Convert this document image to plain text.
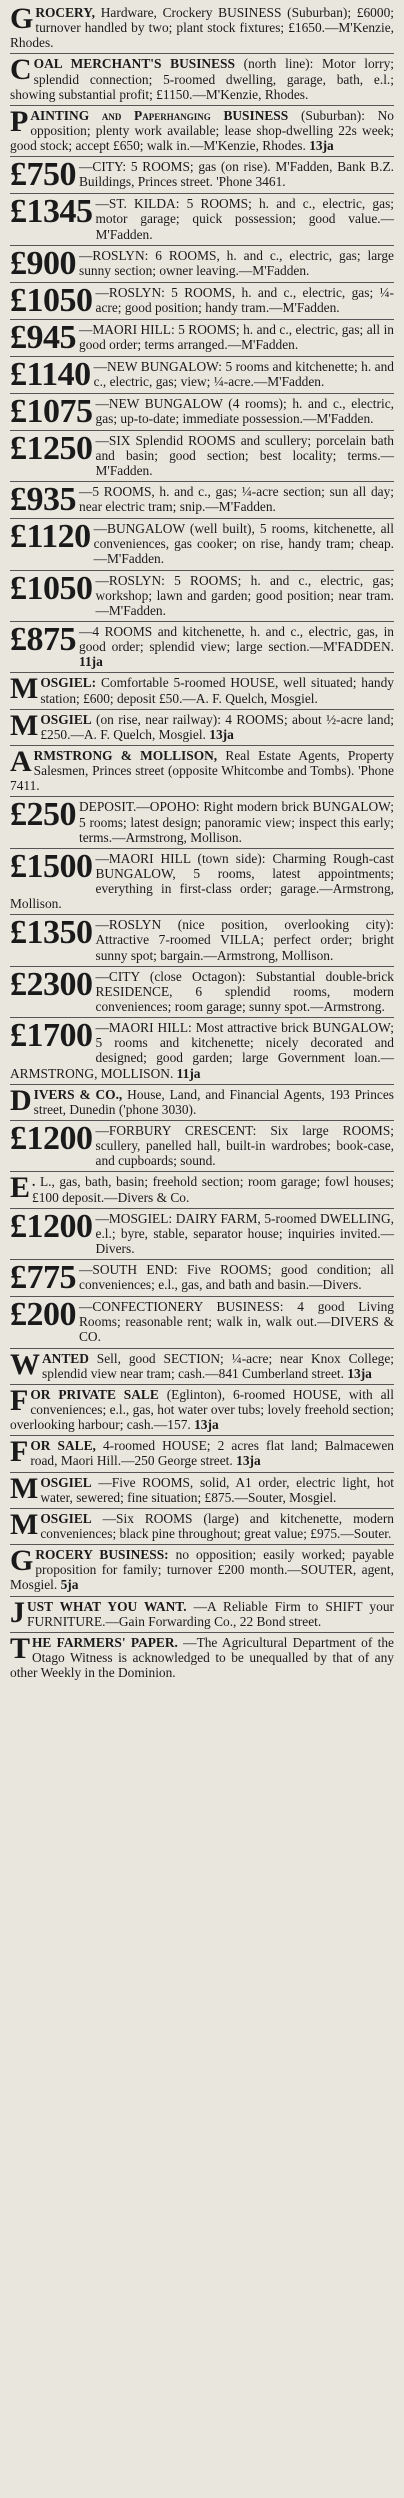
GROCERY, Hardware, Crockery BUSINESS (Suburban); £6000; turnover handled by two; plant stock fixtures; £1650.—M'Kenzie, Rhodes.
COAL MERCHANT'S BUSINESS (north line): Motor lorry; splendid connection; 5-roomed dwelling, garage, bath, e.l.; showing substantial profit; £1150.—M'Kenzie, Rhodes.
PAINTING and Paperhanging BUSINESS (Suburban): No opposition; plenty work available; lease shop-dwelling 22s week; good stock; accept £650; walk in.—M'Kenzie, Rhodes. 13ja
£750 —CITY: 5 ROOMS; gas (on rise). M'Fadden, Bank B.Z. Buildings, Princes street. 'Phone 3461.
£1345 —ST. KILDA: 5 ROOMS; h. and c., electric, gas; motor garage; quick possession; good value.—M'Fadden.
£900 —ROSLYN: 6 ROOMS, h. and c., electric, gas; large sunny section; owner leaving.—M'Fadden.
£1050 —ROSLYN: 5 ROOMS, h. and c., electric, gas; ¼-acre; good position; handy tram.—M'Fadden.
£945 —MAORI HILL: 5 ROOMS; h. and c., electric, gas; all in good order; terms arranged.—M'Fadden.
£1140 —NEW BUNGALOW: 5 rooms and kitchenette; h. and c., electric, gas; view; ¼-acre.—M'Fadden.
£1075 —NEW BUNGALOW (4 rooms); h. and c., electric, gas; up-to-date; immediate possession.—M'Fadden.
£1250 —SIX Splendid ROOMS and scullery; porcelain bath and basin; good section; best locality; terms.—M'Fadden.
£935 —5 ROOMS, h. and c., gas; ¼-acre section; sun all day; near electric tram; snip.—M'Fadden.
£1120 —BUNGALOW (well built), 5 rooms, kitchenette, all conveniences, gas cooker; on rise, handy tram; cheap.—M'Fadden.
£1050 —ROSLYN: 5 ROOMS; h. and c., electric, gas; workshop; lawn and garden; good position; near tram.—M'Fadden.
£875 —4 ROOMS and kitchenette, h. and c., electric, gas, in good order; splendid view; large section.—M'FADDEN. 11ja
MOSGIEL: Comfortable 5-roomed HOUSE, well situated; handy station; £600; deposit £50.—A. F. Quelch, Mosgiel.
MOSGIEL (on rise, near railway): 4 ROOMS; about ½-acre land; £250.—A. F. Quelch, Mosgiel. 13ja
ARMSTRONG & MOLLISON, Real Estate Agents, Property Salesmen, Princes street (opposite Whitcombe and Tombs). 'Phone 7411.
£250 DEPOSIT.—OPOHO: Right modern brick BUNGALOW; 5 rooms; latest design; panoramic view; inspect this early; terms.—Armstrong, Mollison.
£1500 —MAORI HILL (town side): Charming Rough-cast BUNGALOW, 5 rooms, latest appointments; everything in first-class order; garage.—Armstrong, Mollison.
£1350 —ROSLYN (nice position, overlooking city): Attractive 7-roomed VILLA; perfect order; bright sunny spot; bargain.—Armstrong, Mollison.
£2300 —CITY (close Octagon): Substantial double-brick RESIDENCE, 6 splendid rooms, modern conveniences; room garage; sunny spot.—Armstrong.
£1700 —MAORI HILL: Most attractive brick BUNGALOW; 5 rooms and kitchenette; nicely decorated and designed; good garden; large Government loan.—ARMSTRONG, MOLLISON. 11ja
DIVERS & CO., House, Land, and Financial Agents, 193 Princes street, Dunedin ('phone 3030).
£1200 —FORBURY CRESCENT: Six large ROOMS; scullery, panelled hall, built-in wardrobes; book-case, and cupboards; sound.
E . L., gas, bath, basin; freehold section; room garage; fowl houses; £100 deposit.—Divers & Co.
£1200 —MOSGIEL: DAIRY FARM, 5-roomed DWELLING, e.l.; byre, stable, separator house; inquiries invited.—Divers.
£775 —SOUTH END: Five ROOMS; good condition; all conveniences; e.l., gas, and bath and basin.—Divers.
£200 —CONFECTIONERY BUSINESS: 4 good Living Rooms; reasonable rent; walk in, walk out.—DIVERS & CO.
WANTED Sell, good SECTION; ¼-acre; near Knox College; splendid view near tram; cash.—841 Cumberland street. 13ja
FOR PRIVATE SALE (Eglinton), 6-roomed HOUSE, with all conveniences; e.l., gas, hot water over tubs; lovely freehold section; overlooking harbour; cash.—157. 13ja
FOR SALE, 4-roomed HOUSE; 2 acres flat land; Balmacewen road, Maori Hill.—250 George street. 13ja
MOSGIEL —Five ROOMS, solid, A1 order, electric light, hot water, sewered; fine situation; £875.—Souter, Mosgiel.
MOSGIEL —Six ROOMS (large) and kitchenette, modern conveniences; black pine throughout; great value; £975.—Souter.
GROCERY BUSINESS: no opposition; easily worked; payable proposition for family; turnover £200 month.—SOUTER, agent, Mosgiel. 5ja
JUST WHAT YOU WANT. —A Reliable Firm to SHIFT your FURNITURE.—Gain Forwarding Co., 22 Bond street.
THE FARMERS' PAPER. —The Agricultural Department of the Otago Witness is acknowledged to be unequalled by that of any other Weekly in the Dominion.
